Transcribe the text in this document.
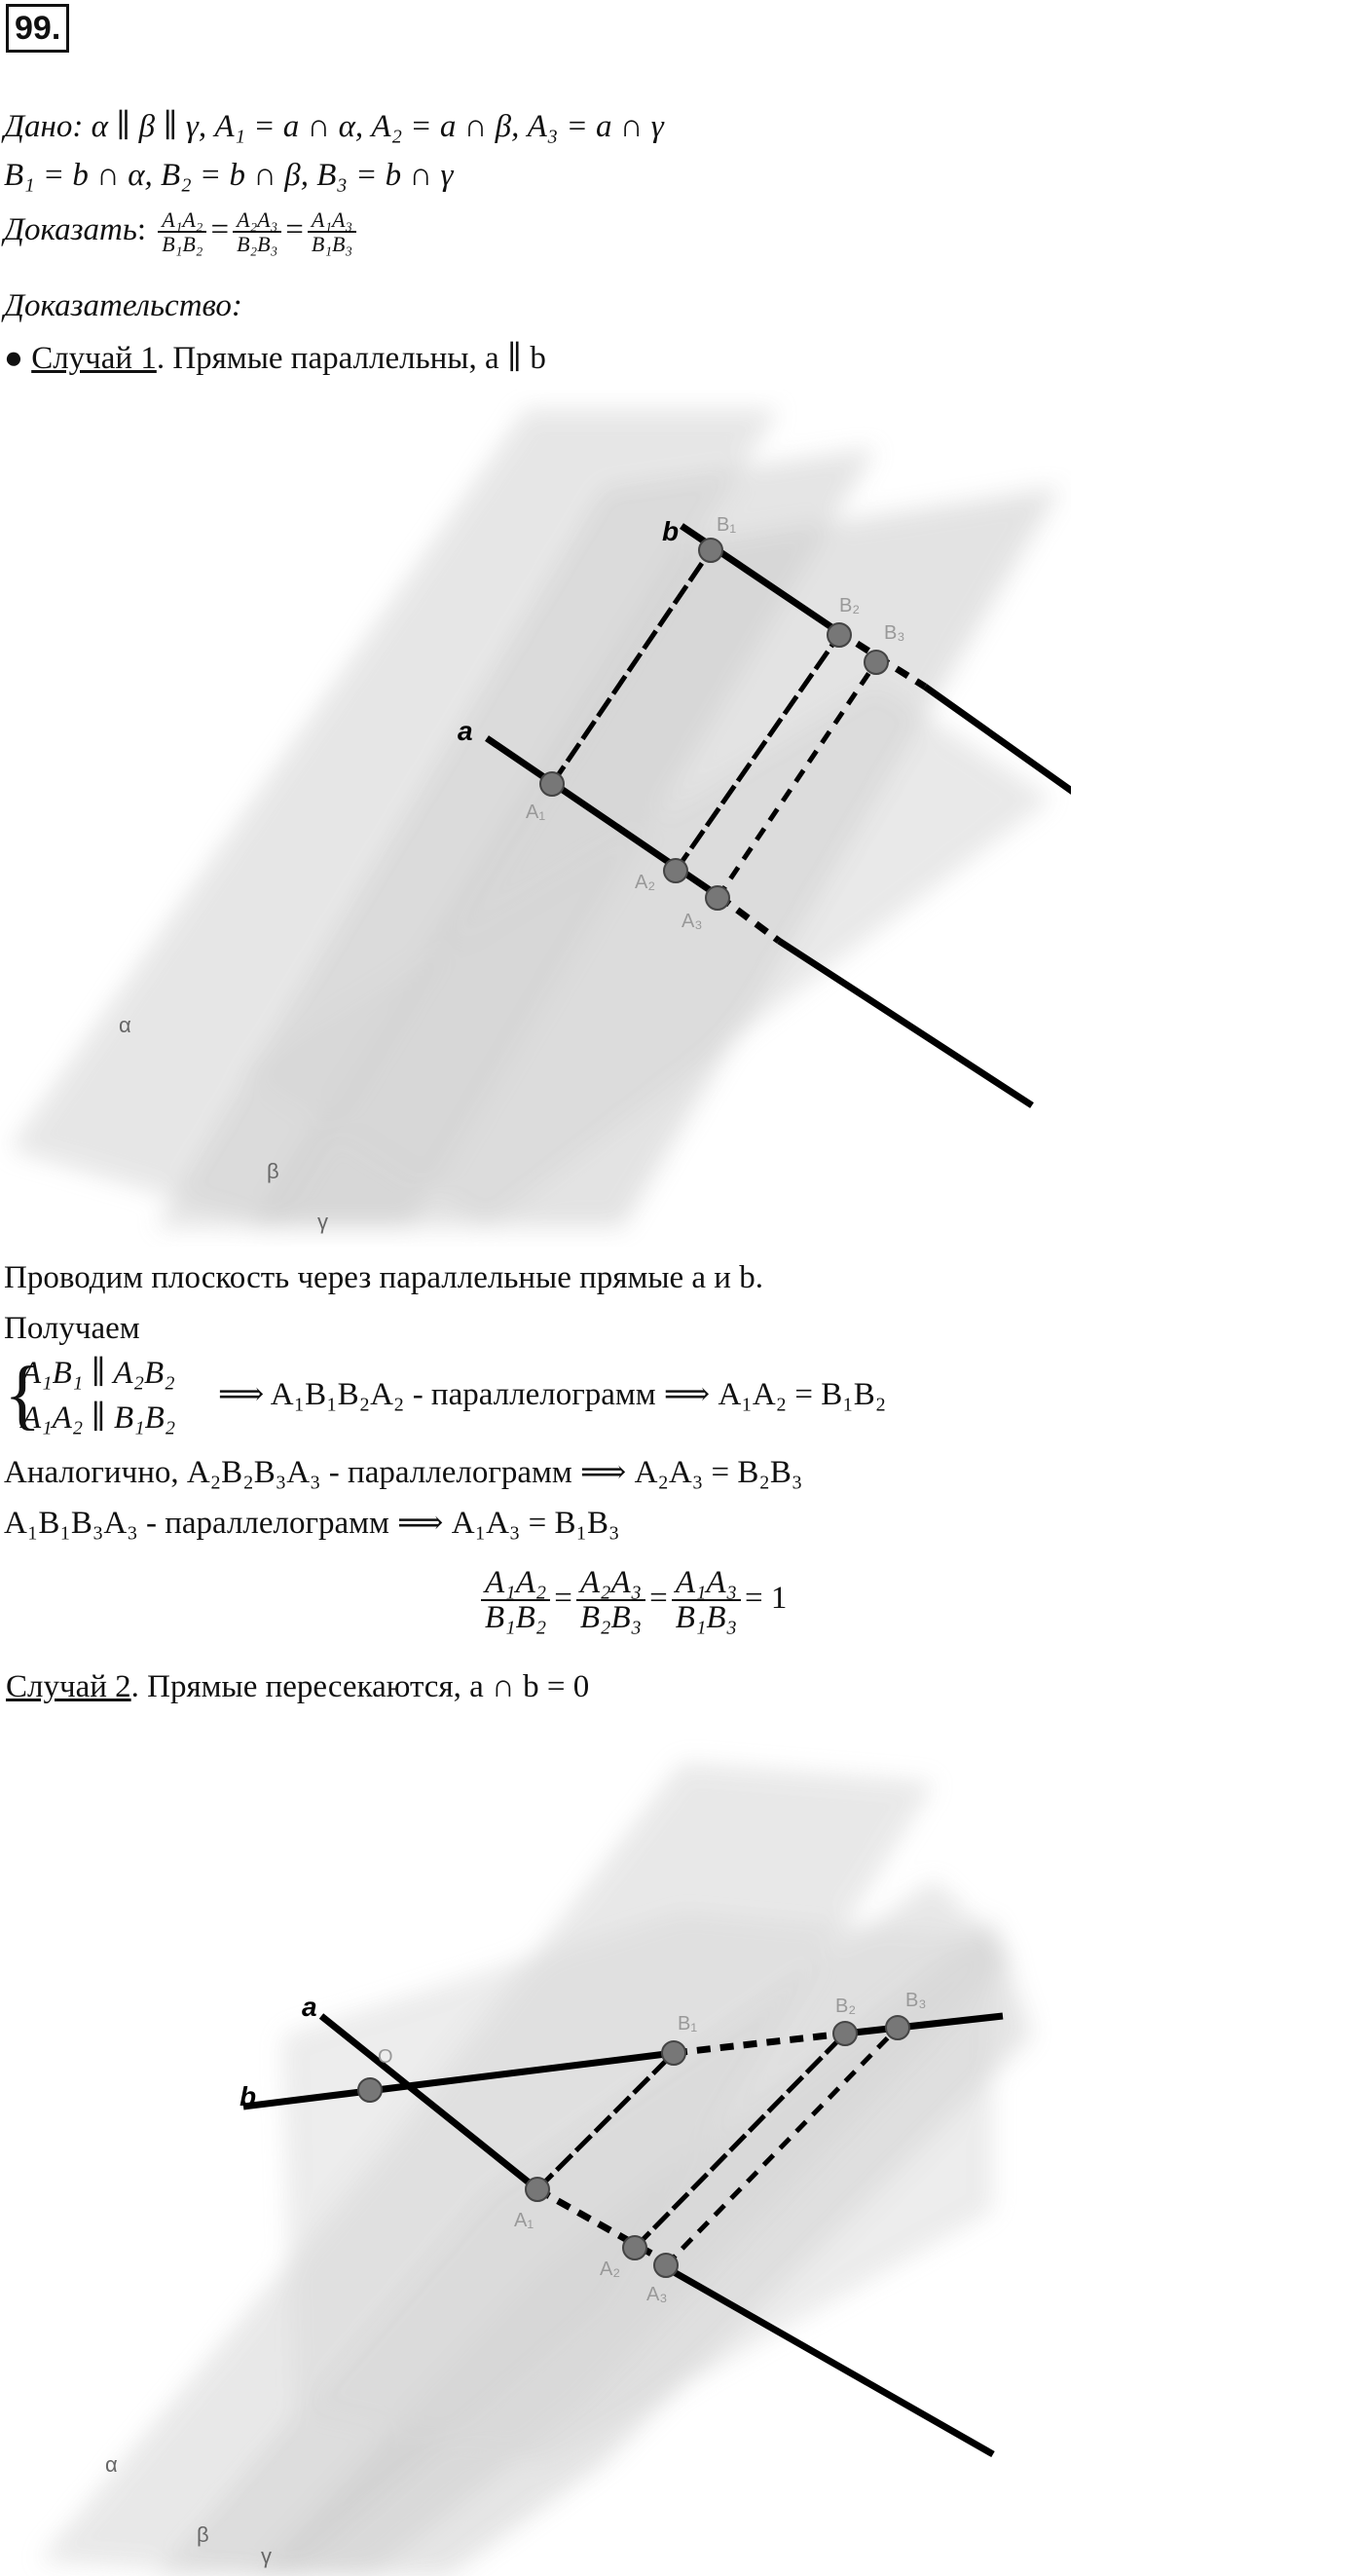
99.
Дано: α ∥ β ∥ γ, A₁ = a ∩ α, A₂ = a ∩ β, A₃ = a ∩ γ
B₁ = b ∩ α, B₂ = b ∩ β, B₃ = b ∩ γ
Доказать: $\frac{\text{A₁A₂}}{\text{B₁B₂}} = \frac{\text{A₂A₃}}{\text{B₂B₃}} = \frac{\text{A₁A₃}}{\text{B₁B₃}}$
Доказательство:
● Случай 1. Прямые параллельны, a ∥ b
a
b
A₁
A₂
A₃
B₁
B₂
B₃
α
β
γ
Проводим плоскость через параллельные прямые a и b.
Получаем
{
A₁B₁ ∥ A₂B₂
A₁A₂ ∥ B₁B₂
⟹ A₁B₁B₂A₂ - параллелограмм ⟹ A₁A₂ = B₁B₂
Аналогично, A₂B₂B₃A₃ - параллелограмм ⟹ A₂A₃ = B₂B₃
A₁B₁B₃A₃ - параллелограмм ⟹ A₁A₃ = B₁B₃
$\frac{\text{A₁A₂}}{\text{B₁B₂}} = \frac{\text{A₂A₃}}{\text{B₂B₃}} = \frac{\text{A₁A₃}}{\text{B₁B₃}} = 1$
Случай 2. Прямые пересекаются, a ∩ b = 0
a
b
O
A₁
A₂
A₃
B₁
B₂	B₃
α
β
γ
